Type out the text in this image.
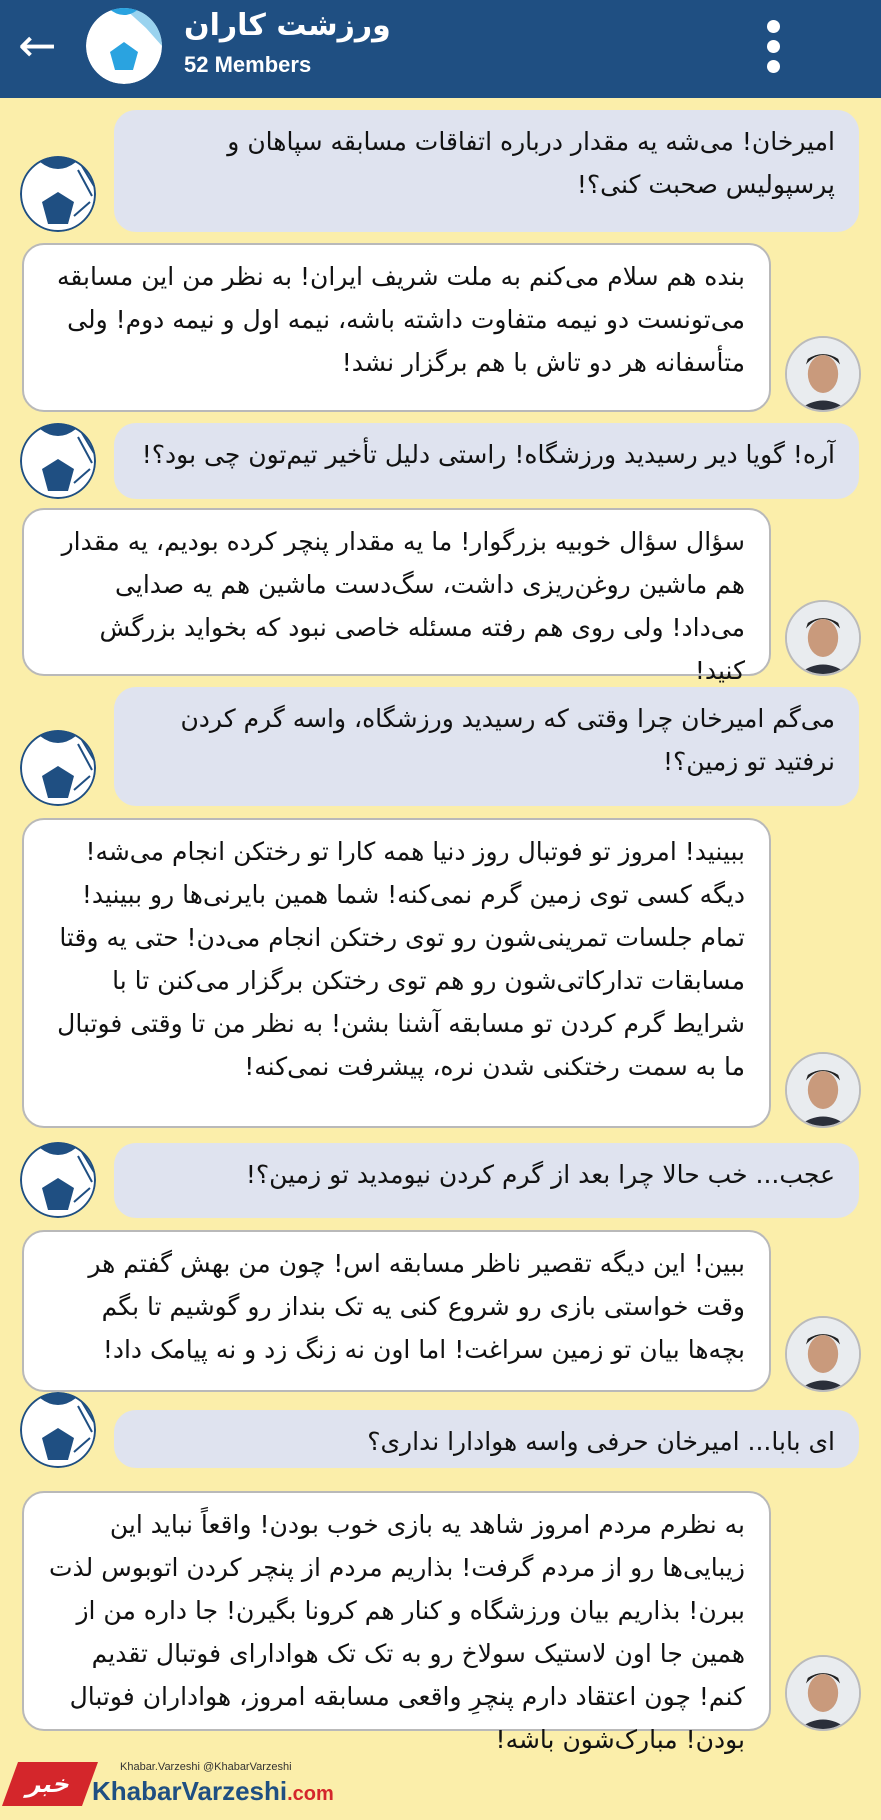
←	ورزشت کاران
52 Members
امیرخان! می‌شه یه مقدار درباره اتفاقات مسابقه سپاهان و پرسپولیس صحبت کنی؟!
بنده هم سلام می‌کنم به ملت شریف ایران! به نظر من این مسابقه می‌تونست دو نیمه متفاوت داشته باشه، نیمه اول و نیمه دوم! ولی متأسفانه هر دو تاش با هم برگزار نشد!
آره! گویا دیر رسیدید ورزشگاه! راستی دلیل تأخیر تیم‌تون چی بود؟!
سؤال سؤال خوبیه بزرگوار! ما یه مقدار پنچر کرده بودیم، یه مقدار هم ماشین روغن‌ریزی داشت، سگ‌دست ماشین هم یه صدایی می‌داد! ولی روی هم رفته مسئله خاصی نبود که بخواید بزرگش کنید!
می‌گم امیرخان چرا وقتی که رسیدید ورزشگاه، واسه گرم کردن نرفتید تو زمین؟!
ببینید! امروز تو فوتبال روز دنیا همه کارا تو رختکن انجام می‌شه! دیگه کسی توی زمین گرم نمی‌کنه! شما همین بایرنی‌ها رو ببینید! تمام جلسات تمرینی‌شون رو توی رختکن انجام می‌دن! حتی یه وقتا مسابقات تدارکاتی‌شون رو هم توی رختکن برگزار می‌کنن تا با شرایط گرم کردن تو مسابقه آشنا بشن! به نظر من تا وقتی فوتبال ما به سمت رختکنی شدن نره، پیشرفت نمی‌کنه!
عجب... خب حالا چرا بعد از گرم کردن نیومدید تو زمین؟!
ببین! این دیگه تقصیر ناظر مسابقه اس! چون من بهش گفتم هر وقت خواستی بازی رو شروع کنی یه تک بنداز رو گوشیم تا بگم بچه‌ها بیان تو زمین سراغت! اما اون نه زنگ زد و نه پیامک داد!
ای بابا... امیرخان حرفی واسه هوادارا نداری؟
به نظرم مردم امروز شاهد یه بازی خوب بودن! واقعاً نباید این زیبایی‌ها رو از مردم گرفت! بذاریم مردم از پنچر کردن اتوبوس لذت ببرن! بذاریم بیان ورزشگاه و کنار هم کرونا بگیرن! جا داره من از همین جا اون لاستیک سولاخ رو به تک تک هوادارای فوتبال تقدیم کنم! چون اعتقاد دارم پنچرِ واقعی مسابقه امروز، هواداران فوتبال بودن! مبارک‌شون باشه!
خبر
Khabar.Varzeshi @KhabarVarzeshi
KhabarVarzeshi.com
